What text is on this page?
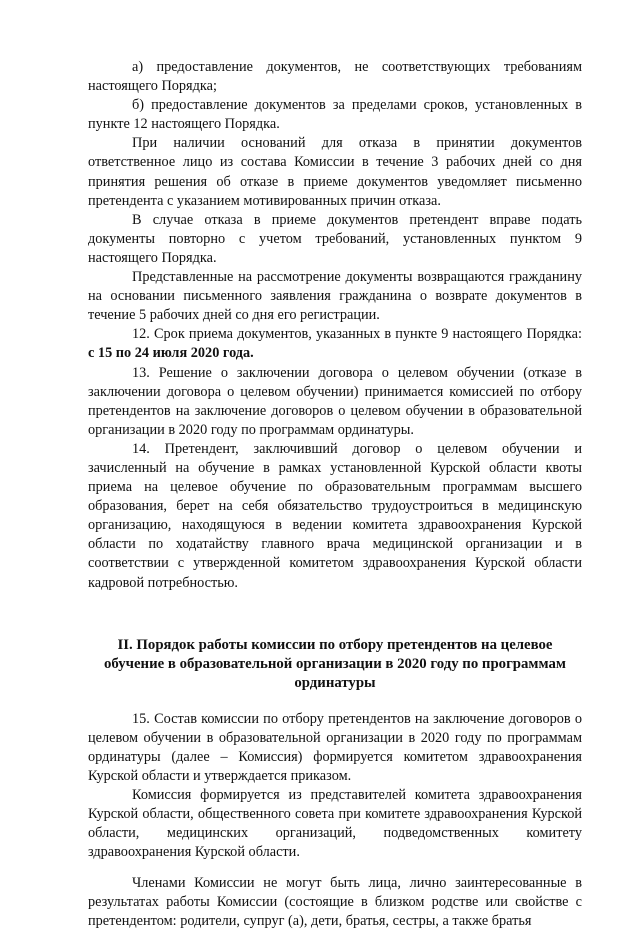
а) предоставление документов, не соответствующих требованиям настоящего Порядка;

б) предоставление документов за пределами сроков, установленных в пункте 12 настоящего Порядка.

При наличии оснований для отказа в принятии документов ответственное лицо из состава Комиссии в течение 3 рабочих дней со дня принятия решения об отказе в приеме документов уведомляет письменно претендента с указанием мотивированных причин отказа.

В случае отказа в приеме документов претендент вправе подать документы повторно с учетом требований, установленных пунктом 9 настоящего Порядка.

Представленные на рассмотрение документы возвращаются гражданину на основании письменного заявления гражданина о возврате документов в течение 5 рабочих дней со дня его регистрации.

12. Срок приема документов, указанных в пункте 9 настоящего Порядка: с 15 по 24 июля 2020 года.

13. Решение о заключении договора о целевом обучении (отказе в заключении договора о целевом обучении) принимается комиссией по отбору претендентов на заключение договоров о целевом обучении в образовательной организации в 2020 году по программам ординатуры.

14. Претендент, заключивший договор о целевом обучении и зачисленный на обучение в рамках установленной Курской области квоты приема на целевое обучение по образовательным программам высшего образования, берет на себя обязательство трудоустроиться в медицинскую организацию, находящуюся в ведении комитета здравоохранения Курской области по ходатайству главного врача медицинской организации и в соответствии с утвержденной комитетом здравоохранения Курской области кадровой потребностью.

II. Порядок работы комиссии по отбору претендентов на целевое обучение в образовательной организации в 2020 году по программам ординатуры

15. Состав комиссии по отбору претендентов на заключение договоров о целевом обучении в образовательной организации в 2020 году по программам ординатуры (далее – Комиссия) формируется комитетом здравоохранения Курской области и утверждается приказом.

Комиссия формируется из представителей комитета здравоохранения Курской области, общественного совета при комитете здравоохранения Курской области, медицинских организаций, подведомственных комитету здравоохранения Курской области.

Членами Комиссии не могут быть лица, лично заинтересованные в результатах работы Комиссии (состоящие в близком родстве или свойстве с претендентом: родители, супруг (а), дети, братья, сестры, а также братья
